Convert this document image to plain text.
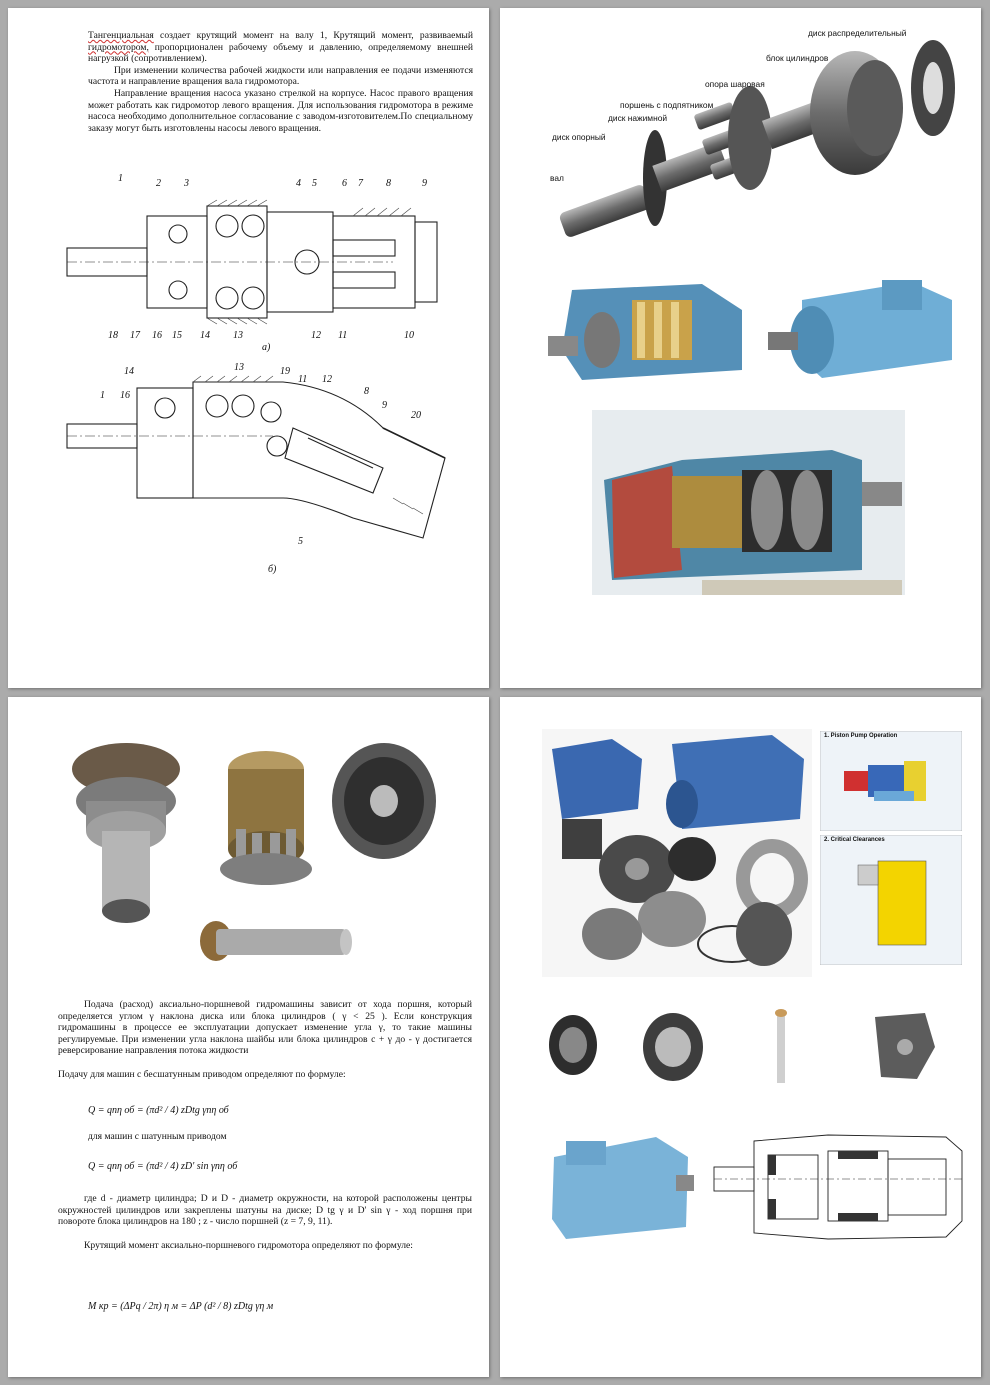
Тангенциальная создает крутящий момент на валу 1, Крутящий момент, развиваемый гидромотором, пропорционален рабочему объему и давлению, определяемому внешней нагрузкой (сопротивлением).

При изменении количества рабочей жидкости или направления ее подачи изменяются частота и направление вращения вала гидромотора.

Направление вращения насоса указано стрелкой на корпусе. Насос правого вращения может работать как гидромотор левого вращения. Для использования гидромотора в режиме насоса необходимо дополнительное согласование с заводом-изготовителем.По специальному заказу могут быть изготовлены насосы левого вращения.

1	2 3	4 5	6 7 8	9
18 17 16 15 14 13	12 11	10
а)
14	13	19
11 12
8
9
20
1 16
5
б)
диск распределительный
блок цилиндров
опора шаровая
поршень с подпятником
диск нажимной
диск опорный
вал

Подача (расход) аксиально-поршневой гидромашины зависит от хода поршня, который определяется углом γ наклона диска или блока цилиндров ( γ < 25 ). Если конструкция гидромашины в процессе ее эксплуатации допускает изменение угла γ, то такие машины регулируемые. При изменении угла наклона шайбы или блока цилиндров с + γ до - γ достигается реверсирование направления потока жидкости

Подачу для машин с бесшатунным приводом определяют по формуле:

Q = qnη об = (πd² / 4) zDtg γnη об
для машин с шатунным приводом
Q = qnη об = (πd² / 4) zD' sin γnη об

где d - диаметр цилиндра; D и D - диаметр окружности, на которой расположены центры окружностей цилиндров или закреплены шатуны на диске; D tg γ и D' sin γ - ход поршня при повороте блока цилиндров на 180 ; z - число поршней (z = 7, 9, 11).

Крутящий момент аксиально-поршневого гидромотора определяют по формуле:

M кр = (ΔPq / 2π) η м = ΔP (d² / 8) zDtg γη м
1. Piston Pump Operation
2. Critical Clearances
